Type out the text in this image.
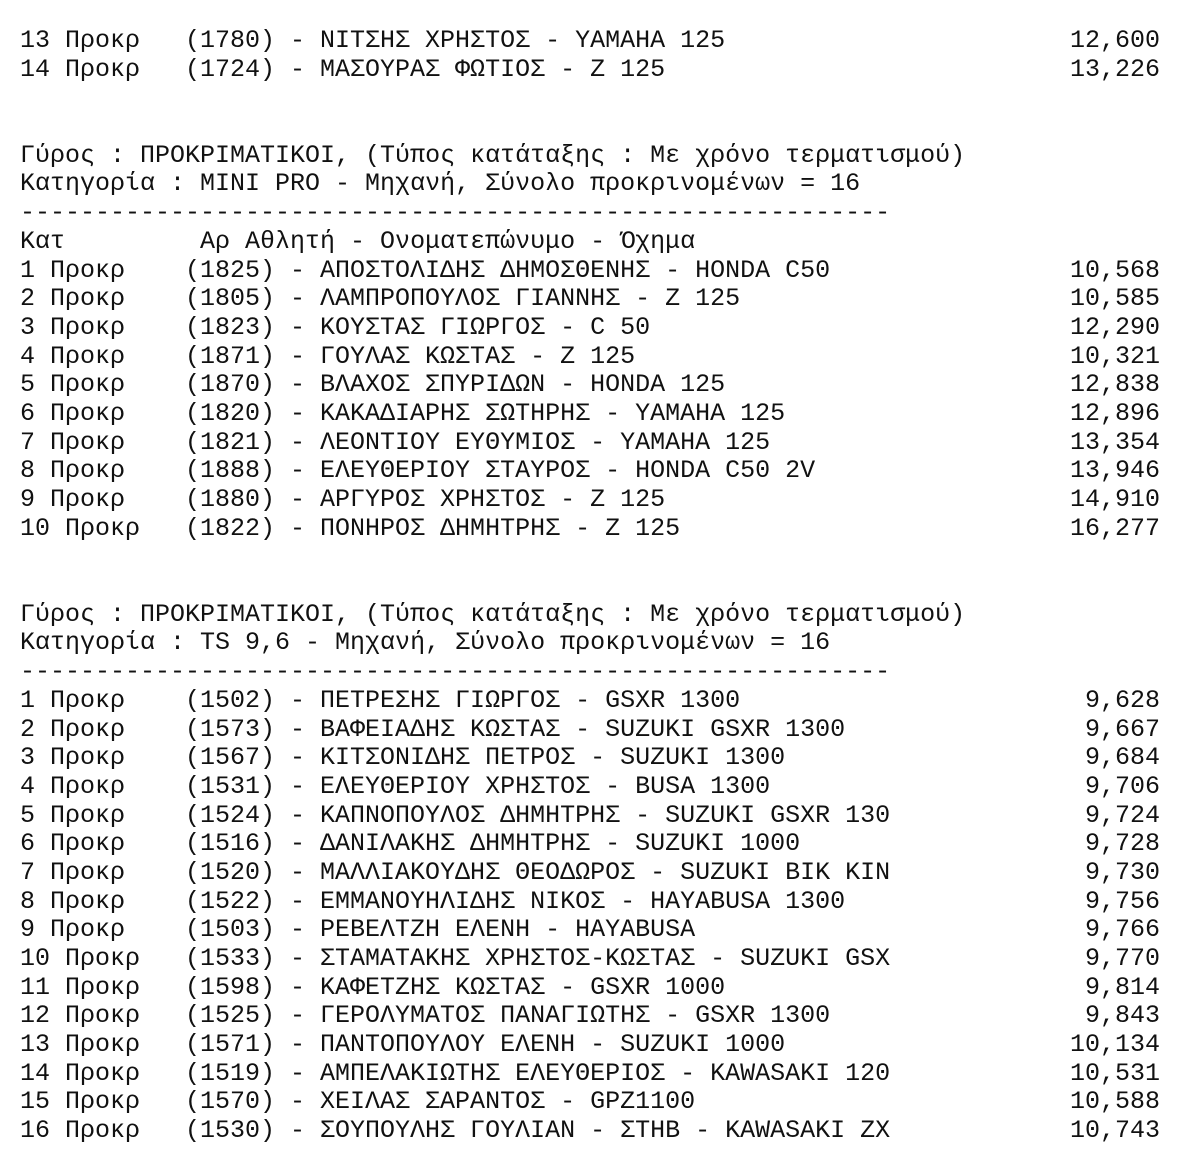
13 Προκρ (1780) - ΝΙΤΣΗΣ ΧΡΗΣΤΟΣ - YAMAHA 125	12,600
14 Προκρ (1724) - ΜΑΣΟΥΡΑΣ ΦΩΤΙΟΣ - Z 125	13,226
Γύρος : ΠΡΟΚΡΙΜΑΤΙΚΟΙ, (Τύπος κατάταξης : Με χρόνο τερματισμού)
Κατηγορία : MINI PRO - Μηχανή, Σύνολο προκρινομένων = 16
----------------------------------------------------------
Κατ         Αρ Αθλητή - Ονοματεπώνυμο - Όχημα
1 Προκρ (1825) - ΑΠΟΣΤΟΛΙΔΗΣ ΔΗΜΟΣΘΕΝΗΣ - HONDA C50	10,568
2 Προκρ (1805) - ΛΑΜΠΡΟΠΟΥΛΟΣ ΓΙΑΝΝΗΣ - Z 125	10,585
3 Προκρ (1823) - ΚΟΥΣΤΑΣ ΓΙΩΡΓΟΣ - C 50	12,290
4 Προκρ (1871) - ΓΟΥΛΑΣ ΚΩΣΤΑΣ - Z 125	10,321
5 Προκρ (1870) - ΒΛΑΧΟΣ ΣΠΥΡΙΔΩΝ - HONDA 125	12,838
6 Προκρ (1820) - ΚΑΚΑΔΙΑΡΗΣ ΣΩΤΗΡΗΣ - YAMAHA 125	12,896
7 Προκρ (1821) - ΛΕΟΝΤΙΟΥ ΕΥΘΥΜΙΟΣ - YAMAHA 125	13,354
8 Προκρ (1888) - ΕΛΕΥΘΕΡΙΟΥ ΣΤΑΥΡΟΣ - HONDA C50 2V	13,946
9 Προκρ (1880) - ΑΡΓΥΡΟΣ ΧΡΗΣΤΟΣ - Z 125	14,910
10 Προκρ (1822) - ΠΟΝΗΡΟΣ ΔΗΜΗΤΡΗΣ - Z 125	16,277
Γύρος : ΠΡΟΚΡΙΜΑΤΙΚΟΙ, (Τύπος κατάταξης : Με χρόνο τερματισμού)
Κατηγορία : TS 9,6 - Μηχανή, Σύνολο προκρινομένων = 16
----------------------------------------------------------
1 Προκρ (1502) - ΠΕΤΡΕΣΗΣ ΓΙΩΡΓΟΣ - GSXR 1300	9,628
2 Προκρ (1573) - ΒΑΦΕΙΑΔΗΣ ΚΩΣΤΑΣ - SUZUKI GSXR 1300	9,667
3 Προκρ (1567) - ΚΙΤΣΟΝΙΔΗΣ ΠΕΤΡΟΣ - SUZUKI 1300	9,684
4 Προκρ (1531) - ΕΛΕΥΘΕΡΙΟΥ ΧΡΗΣΤΟΣ - BUSA 1300	9,706
5 Προκρ (1524) - ΚΑΠΝΟΠΟΥΛΟΣ ΔΗΜΗΤΡΗΣ - SUZUKI GSXR 130	9,724
6 Προκρ (1516) - ΔΑΝΙΛΑΚΗΣ ΔΗΜΗΤΡΗΣ - SUZUKI 1000	9,728
7 Προκρ (1520) - ΜΑΛΛΙΑΚΟΥΔΗΣ ΘΕΟΔΩΡΟΣ - SUZUKI BIK KIN	9,730
8 Προκρ (1522) - ΕΜΜΑΝΟΥΗΛΙΔΗΣ ΝΙΚΟΣ - HAYABUSA 1300	9,756
9 Προκρ (1503) - ΡΕΒΕΛΤΖΗ ΕΛΕΝΗ - HAYABUSA	9,766
10 Προκρ (1533) - ΣΤΑΜΑΤΑΚΗΣ ΧΡΗΣΤΟΣ-ΚΩΣΤΑΣ - SUZUKI GSX	9,770
11 Προκρ (1598) - ΚΑΦΕΤΖΗΣ ΚΩΣΤΑΣ - GSXR 1000	9,814
12 Προκρ (1525) - ΓΕΡΟΛΥΜΑΤΟΣ ΠΑΝΑΓΙΩΤΗΣ - GSXR 1300	9,843
13 Προκρ (1571) - ΠΑΝΤΟΠΟΥΛΟΥ ΕΛΕΝΗ - SUZUKI 1000	10,134
14 Προκρ (1519) - ΑΜΠΕΛΑΚΙΩΤΗΣ ΕΛΕΥΘΕΡΙΟΣ - KAWASAKI 120	10,531
15 Προκρ (1570) - ΧΕΙΛΑΣ ΣΑΡΑΝΤΟΣ - GPZ1100	10,588
16 Προκρ (1530) - ΣΟΥΠΟΥΛΗΣ ΓΟΥΛΙΑΝ - ΣΤΗΒ - KAWASAKI ZX	10,743
